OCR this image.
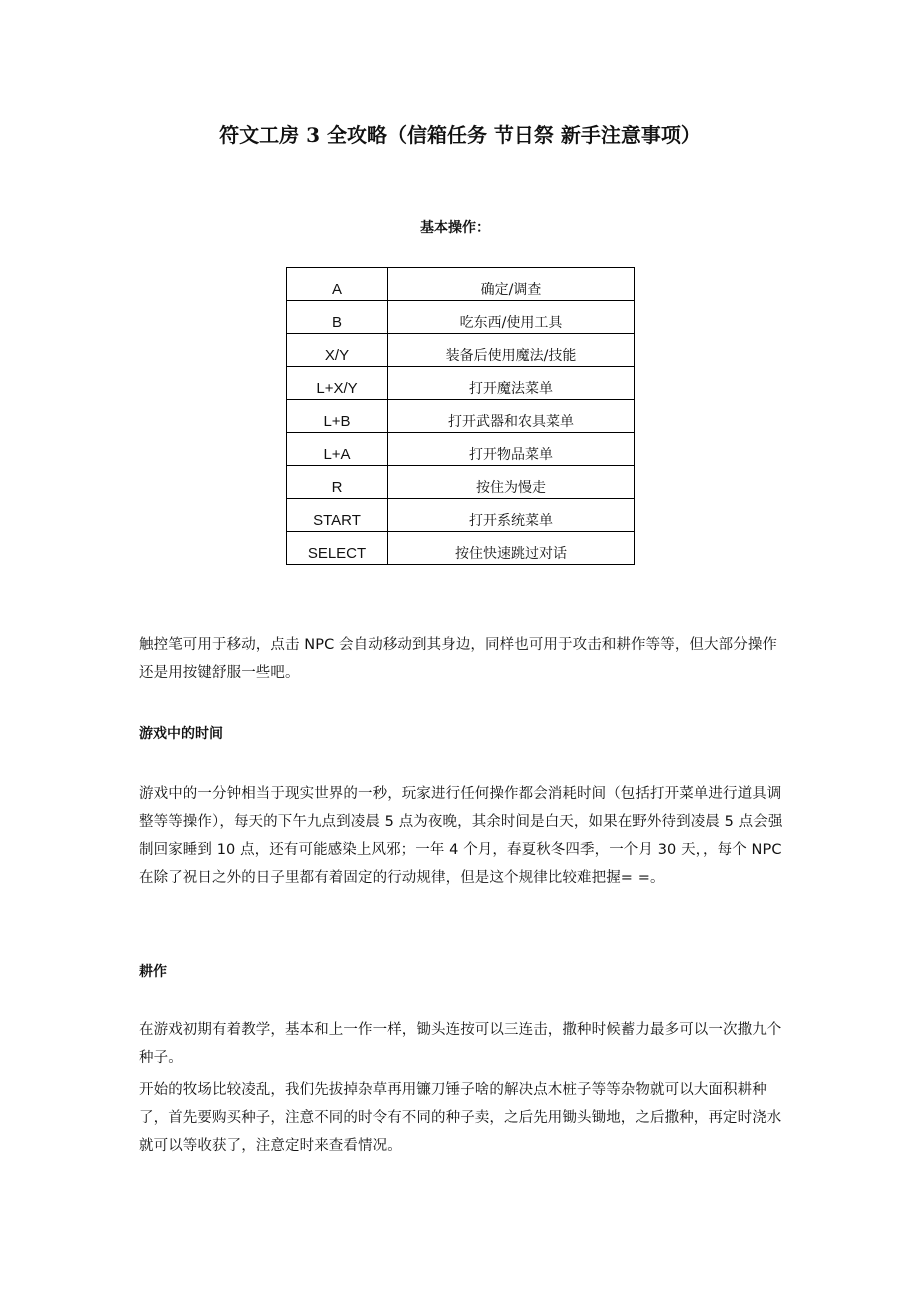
符文工房 3 全攻略（信箱任务 节日祭 新手注意事项）

基本操作：

A	确定/调查
B	吃东西/使用工具
X/Y	装备后使用魔法/技能
L+X/Y	打开魔法菜单
L+B	打开武器和农具菜单
L+A	打开物品菜单
R	按住为慢走
START	打开系统菜单
SELECT	按住快速跳过对话

触控笔可用于移动，点击 NPC 会自动移动到其身边，同样也可用于攻击和耕作等等，但大部分操作还是用按键舒服一些吧。

游戏中的时间

游戏中的一分钟相当于现实世界的一秒，玩家进行任何操作都会消耗时间（包括打开菜单进行道具调整等等操作），每天的下午九点到凌晨 5 点为夜晚，其余时间是白天，如果在野外待到凌晨 5 点会强制回家睡到 10 点，还有可能感染上风邪；一年 4 个月，春夏秋冬四季，一个月 30 天，，每个 NPC 在除了祝日之外的日子里都有着固定的行动规律，但是这个规律比较难把握= =。

耕作

在游戏初期有着教学，基本和上一作一样，锄头连按可以三连击，撒种时候蓄力最多可以一次撒九个种子。

开始的牧场比较凌乱，我们先拔掉杂草再用镰刀锤子啥的解决点木桩子等等杂物就可以大面积耕种了，首先要购买种子，注意不同的时令有不同的种子卖，之后先用锄头锄地，之后撒种，再定时浇水就可以等收获了，注意定时来查看情况。
